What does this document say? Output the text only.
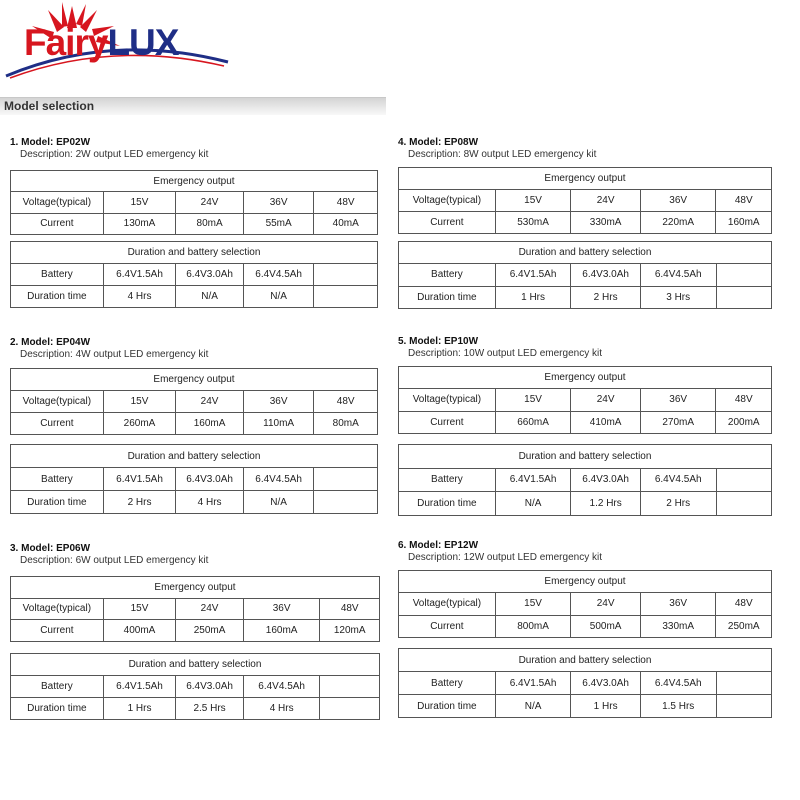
FairyLUX
Model selection
1. Model: EP02W
Description: 2W output LED emergency kit
Emergency output				
Voltage(typical)	15V	24V	36V	48V
Current	130mA	80mA	55mA	40mA
Duration and battery selection				
Battery	6.4V1.5Ah	6.4V3.0Ah	6.4V4.5Ah	
Duration time	4 Hrs	N/A	N/A	
2. Model: EP04W
Description: 4W output LED emergency kit
Emergency output				
Voltage(typical)	15V	24V	36V	48V
Current	260mA	160mA	110mA	80mA
Duration and battery selection				
Battery	6.4V1.5Ah	6.4V3.0Ah	6.4V4.5Ah	
Duration time	2 Hrs	4 Hrs	N/A	
3. Model: EP06W
Description: 6W output LED emergency kit
Emergency output				
Voltage(typical)	15V	24V	36V	48V
Current	400mA	250mA	160mA	120mA
Duration and battery selection				
Battery	6.4V1.5Ah	6.4V3.0Ah	6.4V4.5Ah	
Duration time	1 Hrs	2.5 Hrs	4 Hrs	
4. Model: EP08W
Description: 8W output LED emergency kit
Emergency output				
Voltage(typical)	15V	24V	36V	48V
Current	530mA	330mA	220mA	160mA
Duration and battery selection				
Battery	6.4V1.5Ah	6.4V3.0Ah	6.4V4.5Ah	
Duration time	1 Hrs	2 Hrs	3 Hrs	
5. Model: EP10W
Description: 10W output LED emergency kit
Emergency output				
Voltage(typical)	15V	24V	36V	48V
Current	660mA	410mA	270mA	200mA
Duration and battery selection				
Battery	6.4V1.5Ah	6.4V3.0Ah	6.4V4.5Ah	
Duration time	N/A	1.2 Hrs	2 Hrs	
6. Model: EP12W
Description: 12W output LED emergency kit
Emergency output				
Voltage(typical)	15V	24V	36V	48V
Current	800mA	500mA	330mA	250mA
Duration and battery selection				
Battery	6.4V1.5Ah	6.4V3.0Ah	6.4V4.5Ah	
Duration time	N/A	1 Hrs	1.5 Hrs	
